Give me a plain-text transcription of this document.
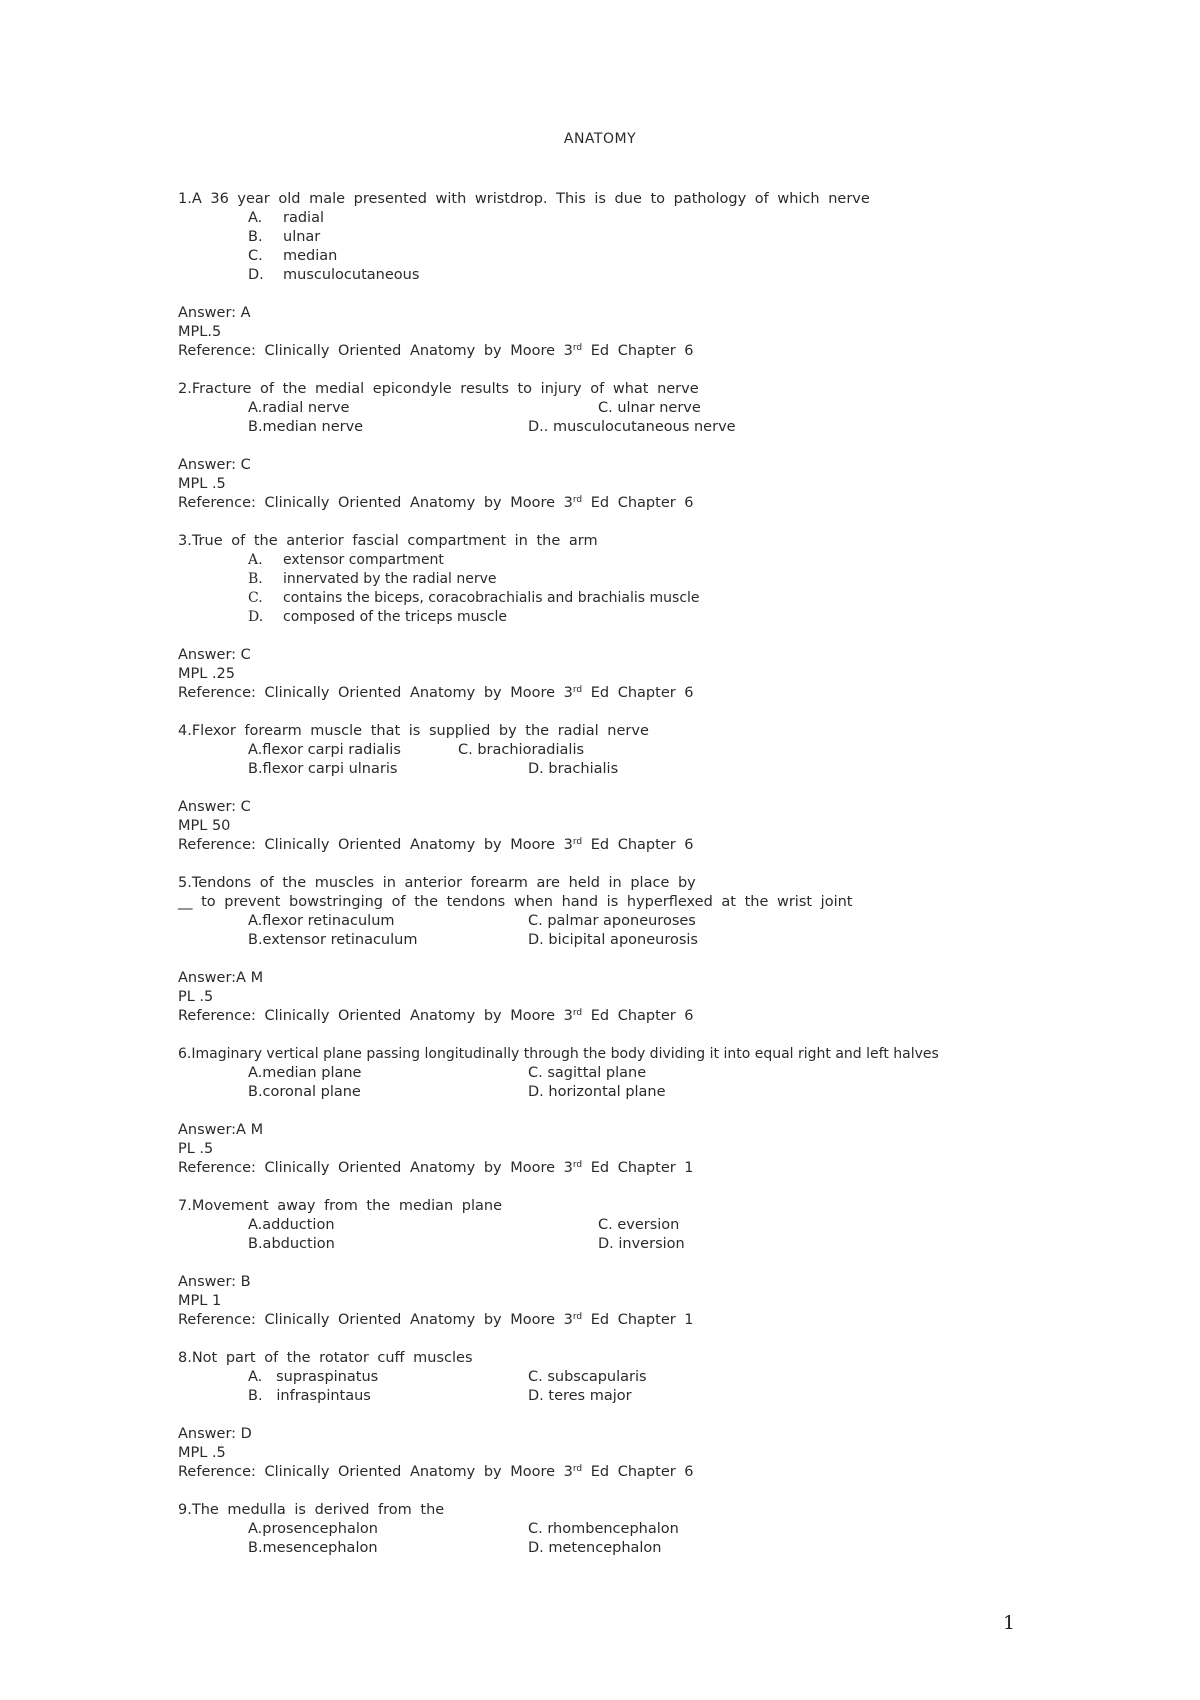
ANATOMY

1.A 36 year old male presented with wristdrop. This is due to pathology of which nerve

A.	radial
B.	ulnar
C.	median
D.	musculocutaneous
Answer: A
MPL.5
Reference: Clinically Oriented Anatomy by Moore 3rd Ed Chapter 6

2.Fracture of the medial epicondyle results to injury of what nerve

A.radial nerve	C. ulnar nerve
B.median nerve	D.. musculocutaneous nerve
Answer: C
MPL .5
Reference: Clinically Oriented Anatomy by Moore 3rd Ed Chapter 6

3.True of the anterior fascial compartment in the arm

A.	extensor compartment
B.	innervated by the radial nerve
C.	contains the biceps, coracobrachialis and brachialis muscle
D.	composed of the triceps muscle
Answer: C
MPL .25
Reference: Clinically Oriented Anatomy by Moore 3rd Ed Chapter 6

4.Flexor forearm muscle that is supplied by the radial nerve

A.flexor carpi radialis	C. brachioradialis
B.flexor carpi ulnaris	D. brachialis
Answer: C
MPL 50
Reference: Clinically Oriented Anatomy by Moore 3rd Ed Chapter 6

5.Tendons of the muscles in anterior forearm are held in place by

__ to prevent bowstringing of the tendons when hand is hyperflexed at the wrist joint

A.flexor retinaculum	C. palmar aponeuroses
B.extensor retinaculum	D. bicipital aponeurosis
Answer:A M
PL .5
Reference: Clinically Oriented Anatomy by Moore 3rd Ed Chapter 6

6.Imaginary vertical plane passing longitudinally through the body dividing it into equal right and left halves

A.median plane	C. sagittal plane
B.coronal plane	D. horizontal plane
Answer:A M
PL .5
Reference: Clinically Oriented Anatomy by Moore 3rd Ed Chapter 1

7.Movement away from the median plane

A.adduction	C. eversion
B.abduction	D. inversion
Answer: B
MPL 1
Reference: Clinically Oriented Anatomy by Moore 3rd Ed Chapter 1

8.Not part of the rotator cuff muscles

A.   supraspinatus	C. subscapularis
B.   infraspintaus	D. teres major
Answer: D
MPL .5
Reference: Clinically Oriented Anatomy by Moore 3rd Ed Chapter 6

9.The medulla is derived from the

A.prosencephalon	C. rhombencephalon
B.mesencephalon	D. metencephalon
1
